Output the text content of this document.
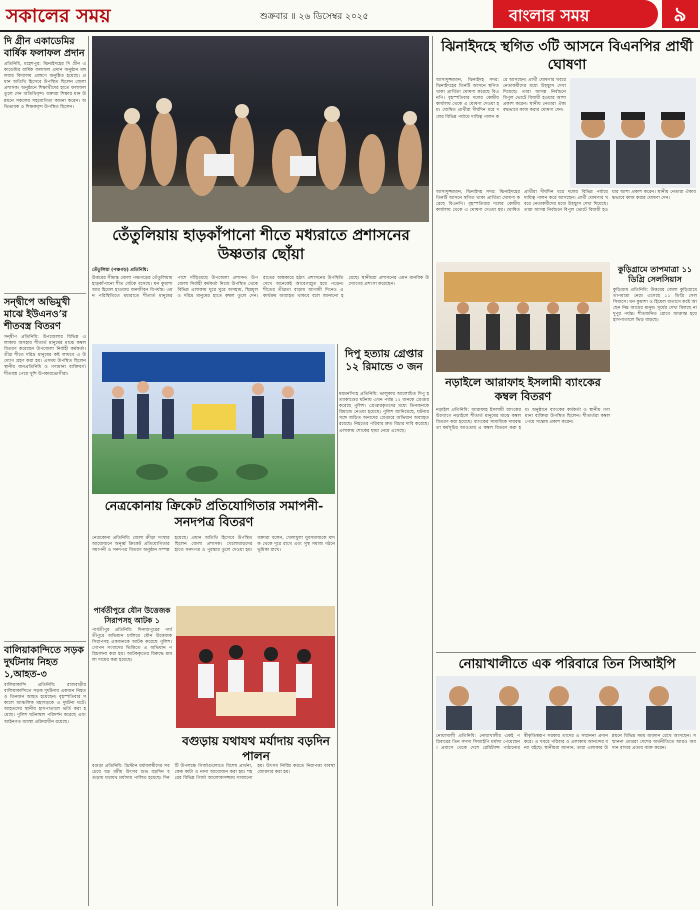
সকালের সময়	শুক্রবার ॥ ২৬ ডিসেম্বর ২০২৫	বাংলার সময়	৯
দি গ্রীন একাডেমির বার্ষিক ফলাফল প্রদান
প্রতিনিধি, মহেশপুর: ঝিনাইদহের দি গ্রীন একাডেমির বার্ষিক ফলাফল প্রদান অনুষ্ঠান মঙ্গলবার বিদ্যালয় প্রাঙ্গণে অনুষ্ঠিত হয়েছে। প্রধান অতিথি হিসেবে উপস্থিত ছিলেন জেলা প্রশাসক। অনুষ্ঠানে শিক্ষার্থীদের হাতে ফলাফল তুলে দেন অতিথিবৃন্দ। বক্তারা শিক্ষার মান উন্নয়নে সকলের সহযোগিতা কামনা করেন। অভিভাবক ও শিক্ষকবৃন্দ উপস্থিত ছিলেন।
সন্দ্বীপে অভিমুখী মাঝে ইউএনও’র শীতবস্ত্র বিতরণ
সন্দ্বীপ প্রতিনিধি: উপজেলার বিভিন্ন এলাকায় অসহায় শীতার্ত মানুষের মাঝে কম্বল বিতরণ করেছেন উপজেলা নির্বাহী কর্মকর্তা। তীব্র শীতে দরিদ্র মানুষের কষ্ট লাঘবে এ উদ্যোগ গ্রহণ করা হয়। এসময় উপস্থিত ছিলেন স্থানীয় জনপ্রতিনিধি ও গণ্যমান্য ব্যক্তিবর্গ। শীতবস্ত্র পেয়ে খুশি উপকারভোগীরা।
বালিয়াকান্দিতে সড়ক দুর্ঘটনায় নিহত ১,আহত-৩
বালিয়াকান্দি প্রতিনিধি: রাজবাড়ীর বালিয়াকান্দিতে সড়ক দুর্ঘটনায় একজন নিহত ও তিনজন আহত হয়েছেন। বৃহস্পতিবার সকালে আঞ্চলিক মহাসড়কে এ দুর্ঘটনা ঘটে। আহতদের স্থানীয় হাসপাতালে ভর্তি করা হয়েছে। পুলিশ ঘটনাস্থল পরিদর্শন করেছে এবং আইনগত ব্যবস্থা প্রক্রিয়াধীন রয়েছে।
তেঁতুলিয়ায় হাড়কাঁপানো শীতে মধ্যরাতে প্রশাসনের উষ্ণতার ছোঁয়া
তেঁতুলিয়া (পঞ্চগড়) প্রতিনিধি:
উত্তরের সীমান্ত জেলা পঞ্চগড়ের তেঁতুলিয়ায় হাড়কাঁপানো শীত জেঁকে বসেছে। ঘন কুয়াশা আর হিমেল হাওয়ায় জনজীবন বিপর্যস্ত। এমন পরিস্থিতিতে মধ্যরাতে শীতার্ত মানুষের পাশে দাঁড়িয়েছে উপজেলা প্রশাসন। উপজেলা নির্বাহী কর্মকর্তা নিজে উপস্থিত থেকে বিভিন্ন এলাকায় ঘুরে ঘুরে অসহায়, ছিন্নমূল ও দরিদ্র মানুষের হাতে কম্বল তুলে দেন। রাতের অন্ধকারে হঠাৎ প্রশাসনের উপস্থিতি দেখে অনেকেই আবেগাপ্লুত হয়ে পড়েন। শীতের তীব্রতা বাড়ায় আগামী দিনেও এ কার্যক্রম অব্যাহত থাকবে বলে জানানো হয়েছে। স্থানীয়রা প্রশাসনের এমন মানবিক উদ্যোগের প্রশংসা করেছেন।
নেত্রকোনায় ক্রিকেট প্রতিযোগিতার সমাপনী-সনদপত্র বিতরণ
নেত্রকোনা প্রতিনিধি: জেলা ক্রীড়া সংস্থার আয়োজনে অনূর্ধ্ব ক্রিকেট প্রতিযোগিতার সমাপনী ও সনদপত্র বিতরণ অনুষ্ঠান সম্পন্ন হয়েছে। প্রধান অতিথি হিসেবে উপস্থিত ছিলেন জেলা প্রশাসক। খেলোয়াড়দের হাতে সনদপত্র ও পুরস্কার তুলে দেওয়া হয়। বক্তারা বলেন, খেলাধুলা যুবসমাজকে মাদক থেকে দূরে রাখে এবং সুস্থ সমাজ গঠনে ভূমিকা রাখে।
দিপু হত্যায় গ্রেপ্তার ১২ রিমান্ডে ৩ জন
ময়মনসিংহ প্রতিনিধি: ভালুকায় আলোচিত দিপু হত্যাকাণ্ডের ঘটনায় এখন পর্যন্ত ১২ জনকে গ্রেপ্তার করেছে পুলিশ। গ্রেপ্তারকৃতদের মধ্যে তিনজনকে রিমান্ডে নেওয়া হয়েছে। পুলিশ জানিয়েছে, ঘটনার সঙ্গে জড়িত অন্যদের গ্রেপ্তারে অভিযান অব্যাহত রয়েছে। নিহতের পরিবার দ্রুত বিচার দাবি করেছে। এলাকায় শোকের ছায়া নেমে এসেছে।
পার্বতীপুরে যৌন উত্তেজক সিরাপসহ আটক ১
পার্বতীপুর প্রতিনিধি: দিনাজপুরের পার্বতীপুরে অভিযান চালিয়ে যৌন উত্তেজক সিরাপসহ একজনকে আটক করেছে পুলিশ। গোপন সংবাদের ভিত্তিতে এ অভিযান পরিচালনা করা হয়। আটককৃতের বিরুদ্ধে মামলা দায়ের করা হয়েছে।
বগুড়ায় যথাযথ মর্যাদায় বড়দিন পালন
বগুড়া প্রতিনিধি: খ্রিস্টান ধর্মাবলম্বীদের সবচেয়ে বড় ধর্মীয় উৎসব শুভ বড়দিন বগুড়ায় যথাযথ মর্যাদায় পালিত হয়েছে। দিনটি উপলক্ষে গির্জাগুলোতে বিশেষ প্রার্থনা, কেক কাটা ও নানা আয়োজন করা হয়। শহরের বিভিন্ন গির্জা আলোকসজ্জায় সাজানো হয়। উৎসব নির্বিঘ্ন করতে নিরাপত্তা ব্যবস্থা জোরদার করা হয়।
ঝিনাইদহে স্থগিত ৩টি আসনে বিএনপির প্রার্থী ঘোষণা
আসাদুজ্জামান, ঝিনাইদহ সদর: ঝিনাইদহের তিনটি আসনে স্থগিত থাকা প্রার্থিতা ঘোষণা করেছে বিএনপি। বৃহস্পতিবার দলের কেন্দ্রীয় কার্যালয় থেকে এ ঘোষণা দেওয়া হয়। ঘোষিত প্রার্থীরা দীর্ঘদিন ধরে দলের বিভিন্ন পর্যায়ে দায়িত্ব পালন করে আসছেন। প্রার্থী ঘোষণার খবরে নেতাকর্মীদের মধ্যে উচ্ছ্বাস দেখা দিয়েছে। তারা আসন্ন নির্বাচনে বিপুল ভোটে বিজয়ী হওয়ার আশা প্রকাশ করেন। স্থানীয় নেতারা ঐক্যবদ্ধভাবে কাজ করার ঘোষণা দেন।
আসাদুজ্জামান, ঝিনাইদহ সদর: ঝিনাইদহের তিনটি আসনে স্থগিত থাকা প্রার্থিতা ঘোষণা করেছে বিএনপি। বৃহস্পতিবার দলের কেন্দ্রীয় কার্যালয় থেকে এ ঘোষণা দেওয়া হয়। ঘোষিত প্রার্থীরা দীর্ঘদিন ধরে দলের বিভিন্ন পর্যায়ে দায়িত্ব পালন করে আসছেন। প্রার্থী ঘোষণার খবরে নেতাকর্মীদের মধ্যে উচ্ছ্বাস দেখা দিয়েছে। তারা আসন্ন নির্বাচনে বিপুল ভোটে বিজয়ী হওয়ার আশা প্রকাশ করেন। স্থানীয় নেতারা ঐক্যবদ্ধভাবে কাজ করার ঘোষণা দেন।
কুড়িগ্রামে তাপমাত্রা ১১ ডিগ্রি সেলসিয়াস
কুড়িগ্রাম প্রতিনিধি: উত্তরের জেলা কুড়িগ্রামে তাপমাত্রা নেমে এসেছে ১১ ডিগ্রি সেলসিয়াসে। ঘন কুয়াশা ও হিমেল বাতাসে কষ্টে আছেন নিম্ন আয়ের মানুষ। সূর্যের দেখা মিলছে না দুপুর পর্যন্ত। শীতজনিত রোগে আক্রান্ত হয়ে হাসপাতালে ভিড় বাড়ছে।
নড়াইলে আরাফাহ ইসলামী ব্যাংকের কম্বল বিতরণ
নড়াইল প্রতিনিধি: আরাফাহ ইসলামী ব্যাংকের উদ্যোগে নড়াইলে শীতার্ত মানুষের মাঝে কম্বল বিতরণ করা হয়েছে। ব্যাংকের সামাজিক দায়বদ্ধতা কর্মসূচির আওতায় এ কম্বল বিতরণ করা হয়। অনুষ্ঠানে ব্যাংকের কর্মকর্তা ও স্থানীয় গণ্যমান্য ব্যক্তিরা উপস্থিত ছিলেন। শীতার্তরা কম্বল পেয়ে সন্তোষ প্রকাশ করেন।
নোয়াখালীতে এক পরিবারে তিন সিআইপি
নোয়াখালী প্রতিনিধি: নোয়াখালীর একই পরিবারের তিন সদস্য সিআইপি মর্যাদা পেয়েছেন। প্রবাসে থেকে দেশে রেমিট্যান্স পাঠানোর স্বীকৃতিস্বরূপ সরকার তাদের এ সম্মাননা প্রদান করে। এ খবরে পরিবার ও এলাকায় আনন্দের বন্যা বইছে। স্থানীয়রা জানান, তারা এলাকার উন্নয়নে বিভিন্ন সময় অবদান রেখে আসছেন। সম্মাননা প্রাপ্তরা দেশের অর্থনীতিতে আরও অবদান রাখার প্রত্যয় ব্যক্ত করেন।
